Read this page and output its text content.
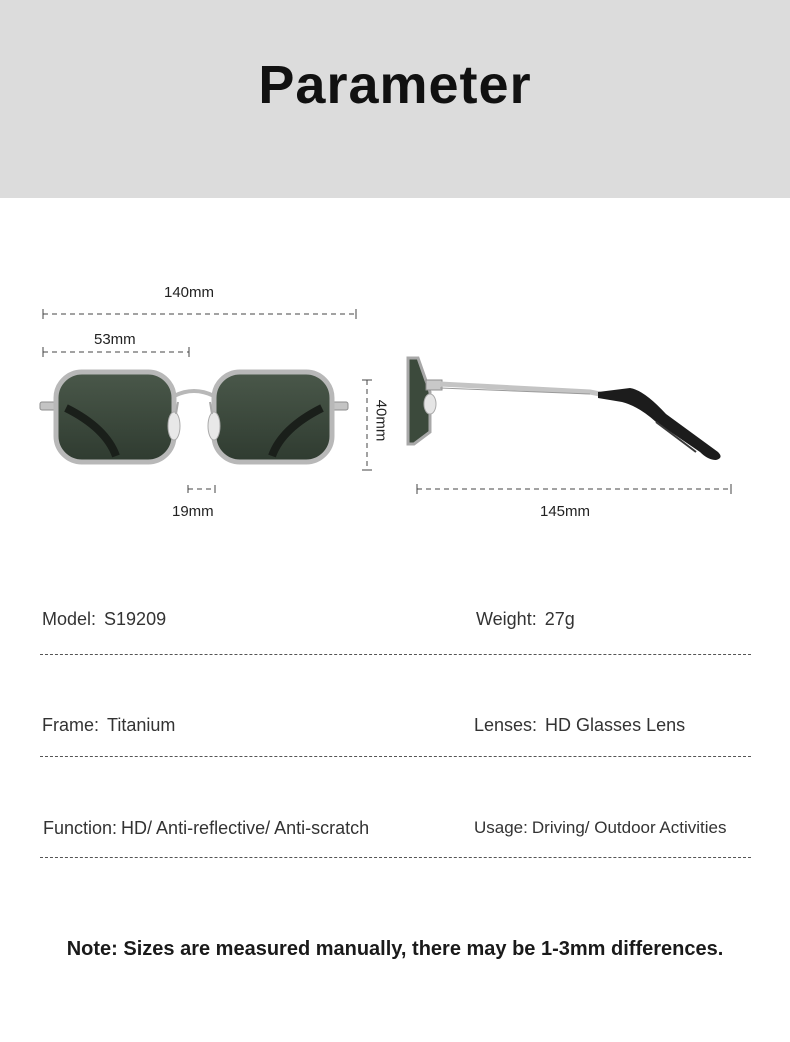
Parameter
140mm
53mm
19mm	145mm
40mm
Model: S19209	Weight: 27g
Frame: Titanium	Lenses: HD Glasses Lens
Function: HD/ Anti-reflective/ Anti-scratch	Usage: Driving/ Outdoor Activities

Note: Sizes are measured manually, there may be 1-3mm differences.
